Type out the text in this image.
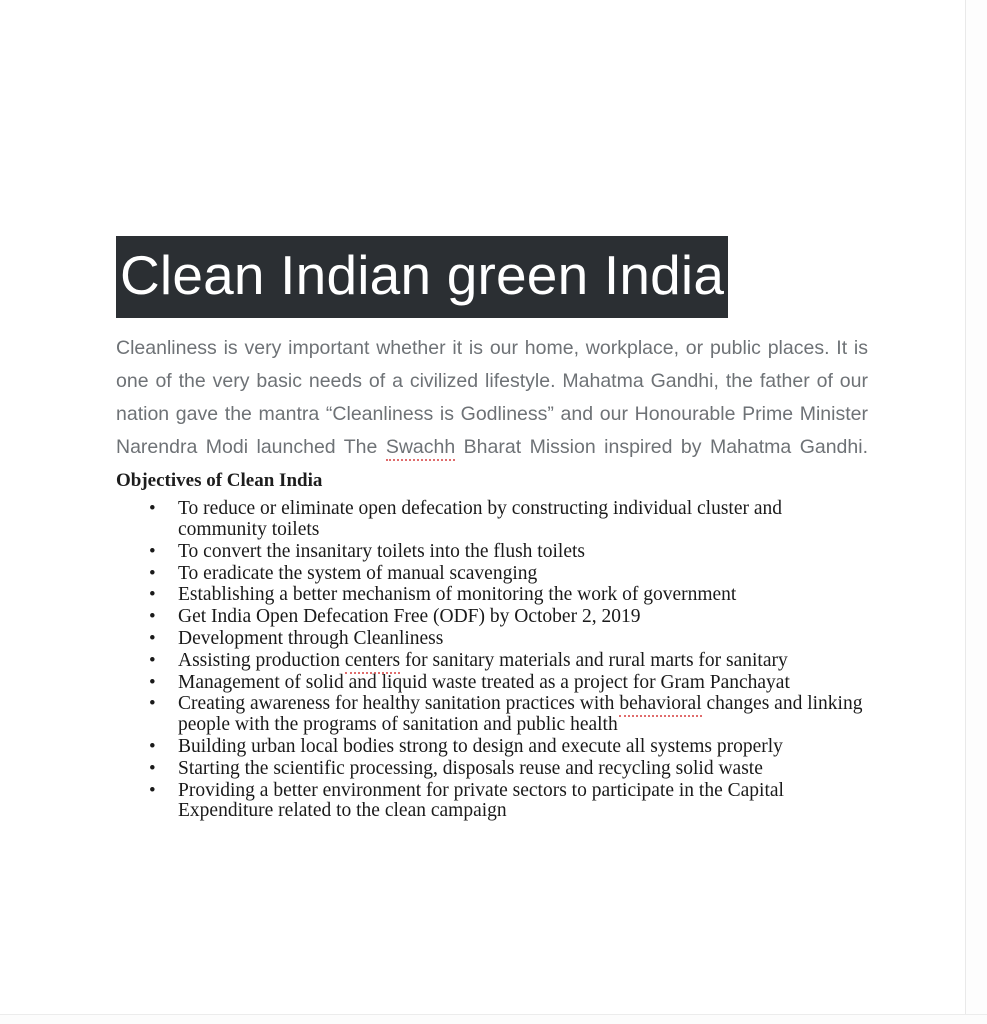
Clean Indian green India

Cleanliness is very important whether it is our home, workplace, or public places. It is one of the very basic needs of a civilized lifestyle. Mahatma Gandhi, the father of our nation gave the mantra “Cleanliness is Godliness” and our Honourable Prime Minister Narendra Modi launched The Swachh Bharat Mission inspired by Mahatma Gandhi. Objectives of Clean India

• To reduce or eliminate open defecation by constructing individual cluster and community toilets
• To convert the insanitary toilets into the flush toilets
• To eradicate the system of manual scavenging
• Establishing a better mechanism of monitoring the work of government
• Get India Open Defecation Free (ODF) by October 2, 2019
• Development through Cleanliness
• Assisting production centers for sanitary materials and rural marts for sanitary
• Management of solid and liquid waste treated as a project for Gram Panchayat
• Creating awareness for healthy sanitation practices with behavioral changes and linking people with the programs of sanitation and public health
• Building urban local bodies strong to design and execute all systems properly
• Starting the scientific processing, disposals reuse and recycling solid waste
• Providing a better environment for private sectors to participate in the Capital Expenditure related to the clean campaign
